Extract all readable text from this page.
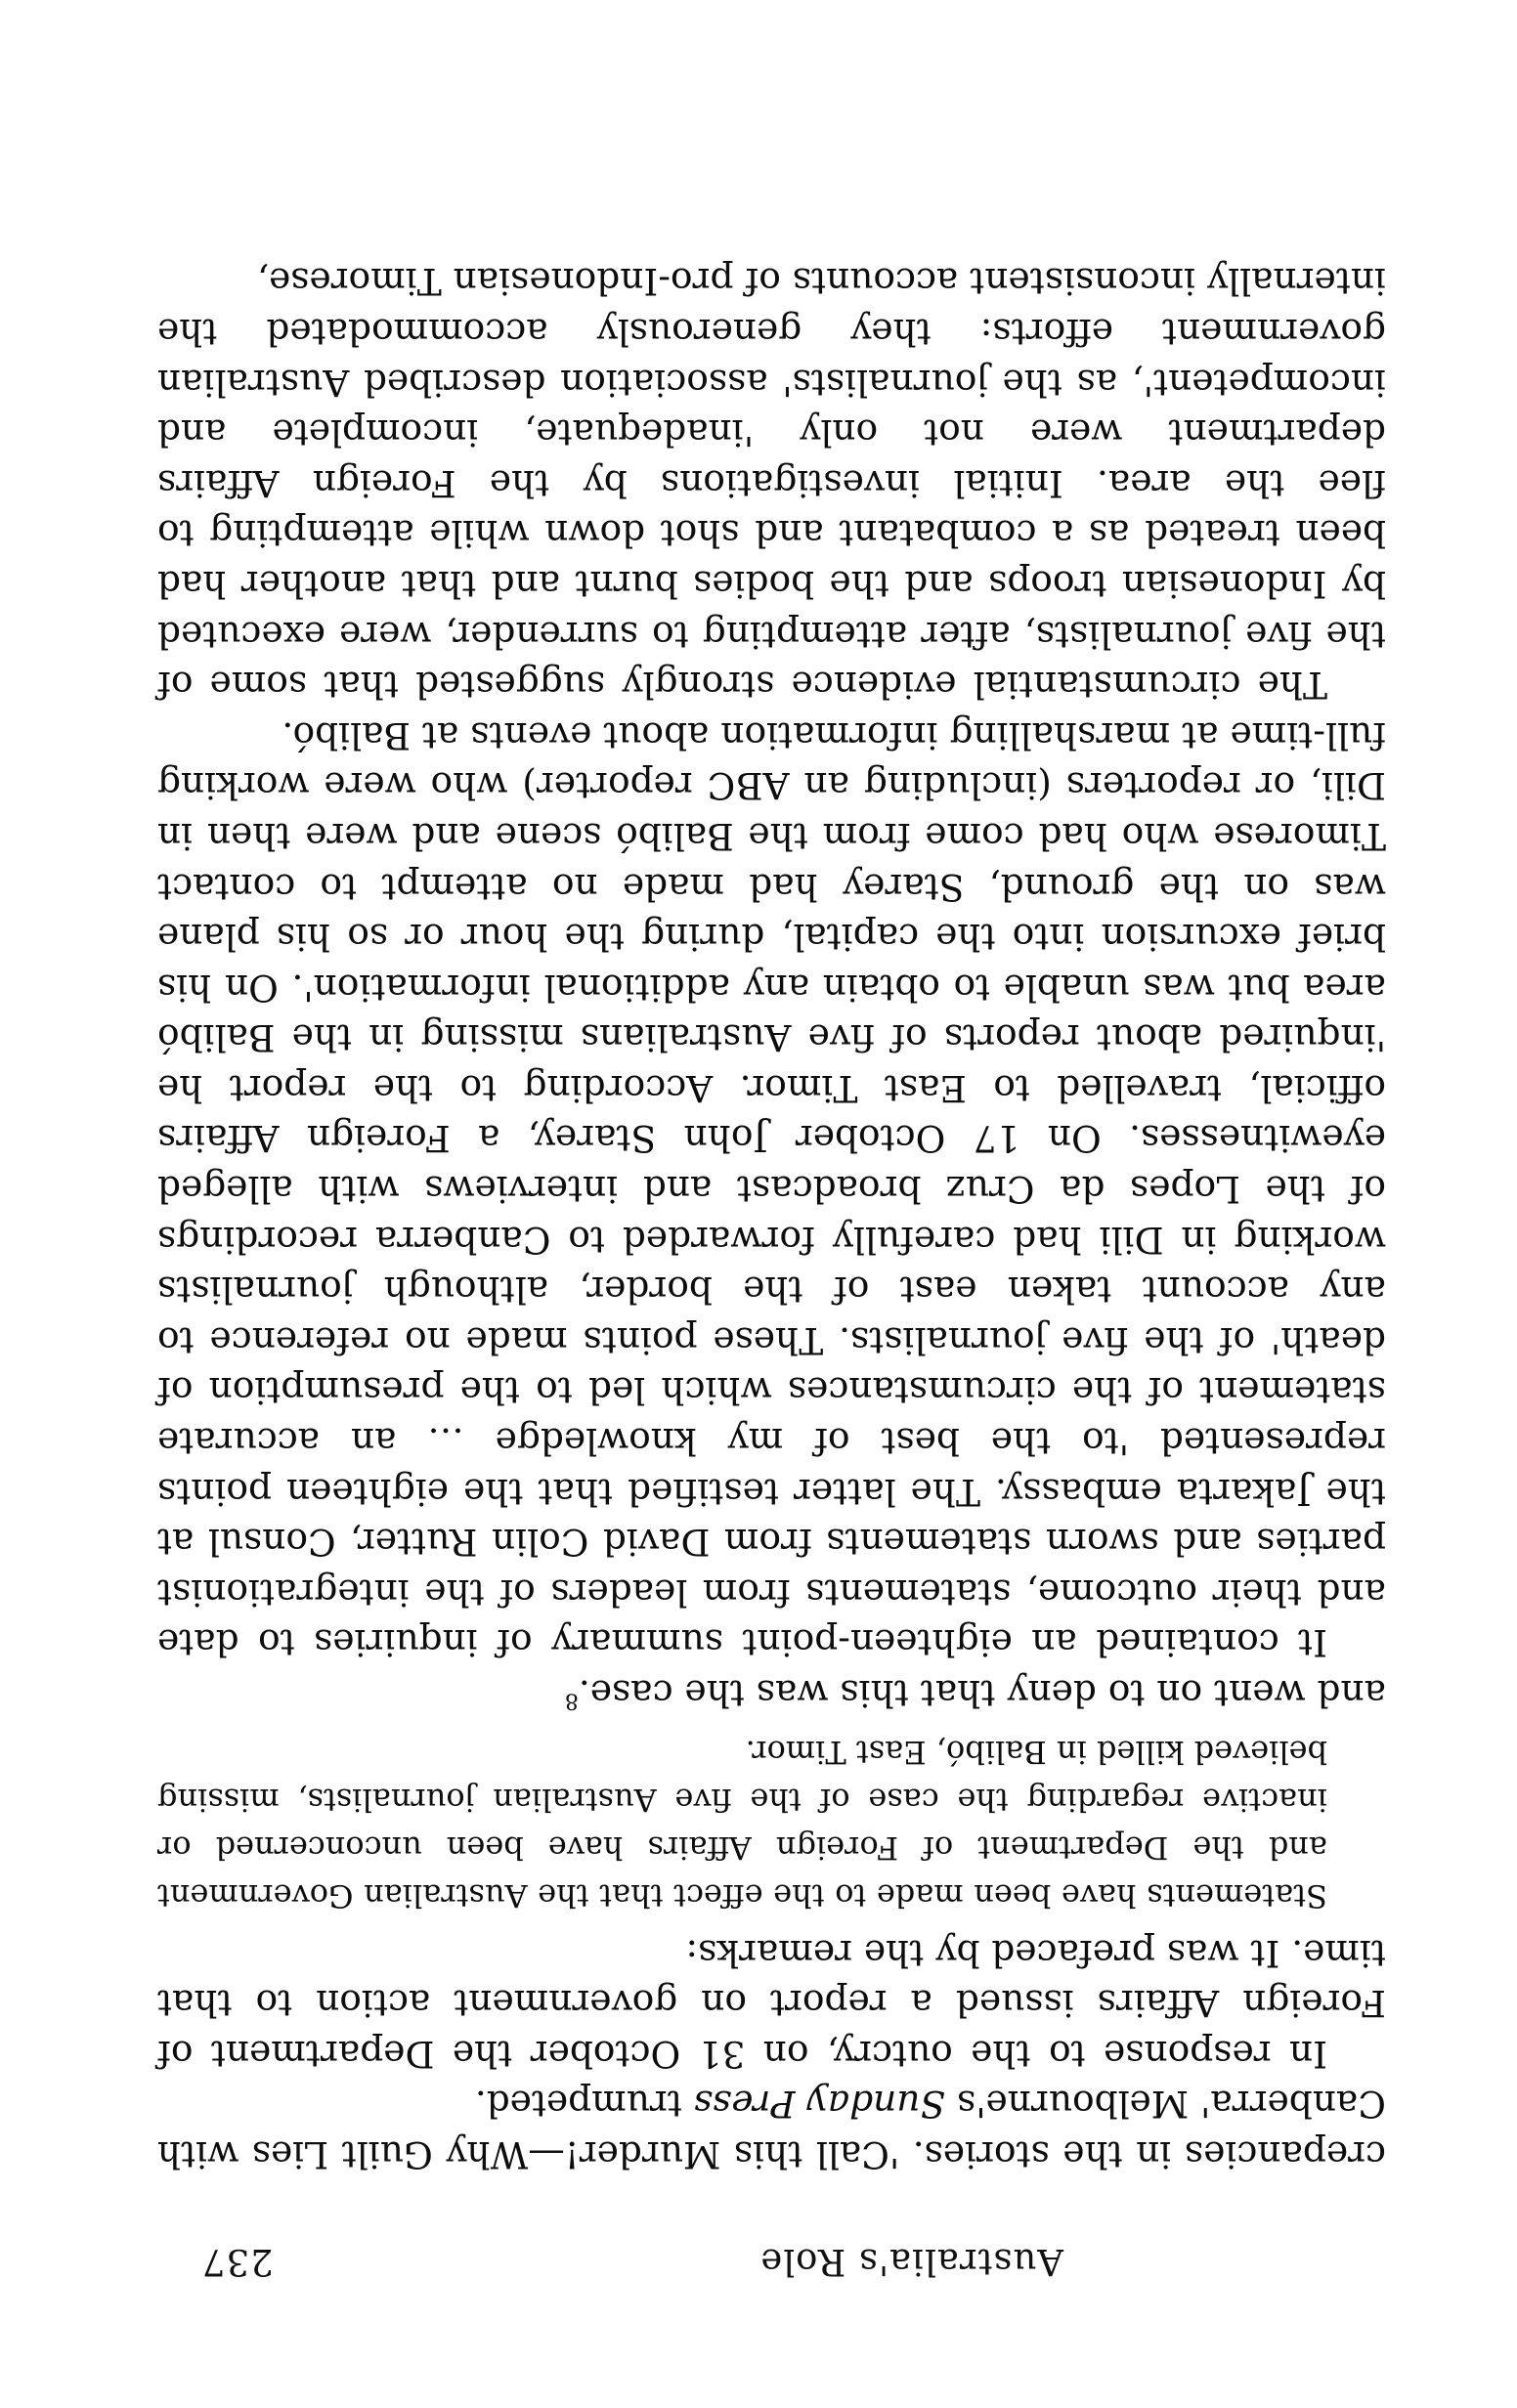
Australia's Role
237

crepancies in the stories. 'Call this Murder!—Why Guilt Lies with Canberra' Melbourne's Sunday Press trumpeted.

In response to the outcry, on 31 October the Department of Foreign Affairs issued a report on government action to that time. It was prefaced by the remarks:

Statements have been made to the effect that the Australian Government and the Department of Foreign Affairs have been unconcerned or inactive regarding the case of the five Australian journalists, missing believed killed in Balibó, East Timor.

and went on to deny that this was the case.$^8$

It contained an eighteen-point summary of inquiries to date and their outcome, statements from leaders of the integrationist parties and sworn statements from David Colin Rutter, Consul at the Jakarta embassy. The latter testified that the eighteen points represented 'to the best of my knowledge … an accurate statement of the circumstances which led to the presumption of death' of the five journalists. These points made no reference to any account taken east of the border, although journalists working in Dili had carefully forwarded to Canberra recordings of the Lopes da Cruz broadcast and interviews with alleged eyewitnesses. On 17 October John Starey, a Foreign Affairs official, travelled to East Timor. According to the report he 'inquired about reports of five Australians missing in the Balibó area but was unable to obtain any additional information'. On his brief excursion into the capital, during the hour or so his plane was on the ground, Starey had made no attempt to contact Timorese who had come from the Balibó scene and were then in Dili, or reporters (including an ABC reporter) who were working full-time at marshalling information about events at Balibó.

The circumstantial evidence strongly suggested that some of the five journalists, after attempting to surrender, were executed by Indonesian troops and the bodies burnt and that another had been treated as a combatant and shot down while attempting to flee the area. Initial investigations by the Foreign Affairs department were not only 'inadequate, incomplete and incompetent', as the journalists' association described Australian government efforts: they generously accommodated the internally inconsistent accounts of pro-Indonesian Timorese,
